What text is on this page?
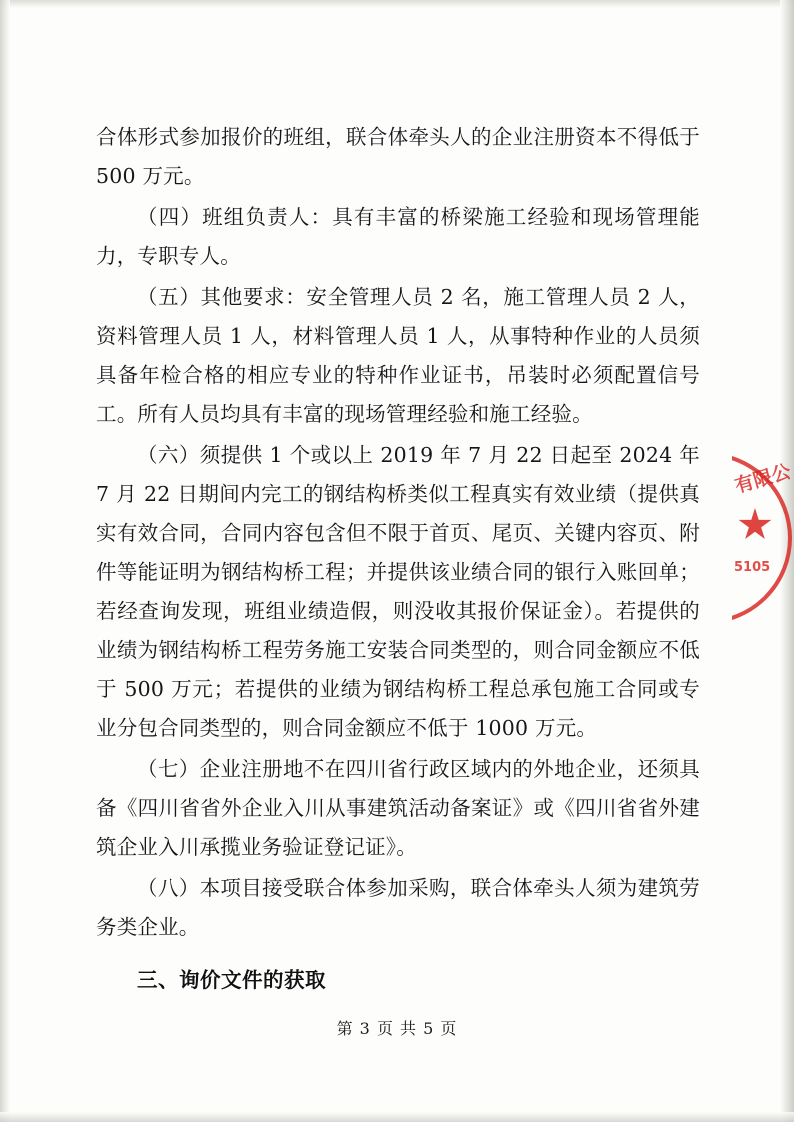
有限公
5105

合体形式参加报价的班组，联合体牵头人的企业注册资本不得低于 500 万元。

（四）班组负责人：具有丰富的桥梁施工经验和现场管理能力，专职专人。

（五）其他要求：安全管理人员 2 名，施工管理人员 2 人，资料管理人员 1 人，材料管理人员 1 人，从事特种作业的人员须具备年检合格的相应专业的特种作业证书，吊装时必须配置信号工。所有人员均具有丰富的现场管理经验和施工经验。

（六）须提供 1 个或以上 2019 年 7 月 22 日起至 2024 年 7 月 22 日期间内完工的钢结构桥类似工程真实有效业绩（提供真实有效合同，合同内容包含但不限于首页、尾页、关键内容页、附件等能证明为钢结构桥工程；并提供该业绩合同的银行入账回单；若经查询发现，班组业绩造假，则没收其报价保证金）。若提供的业绩为钢结构桥工程劳务施工安装合同类型的，则合同金额应不低于 500 万元；若提供的业绩为钢结构桥工程总承包施工合同或专业分包合同类型的，则合同金额应不低于 1000 万元。

（七）企业注册地不在四川省行政区域内的外地企业，还须具备《四川省省外企业入川从事建筑活动备案证》或《四川省省外建筑企业入川承揽业务验证登记证》。

（八）本项目接受联合体参加采购，联合体牵头人须为建筑劳务类企业。

三、询价文件的获取
第 3 页 共 5 页
